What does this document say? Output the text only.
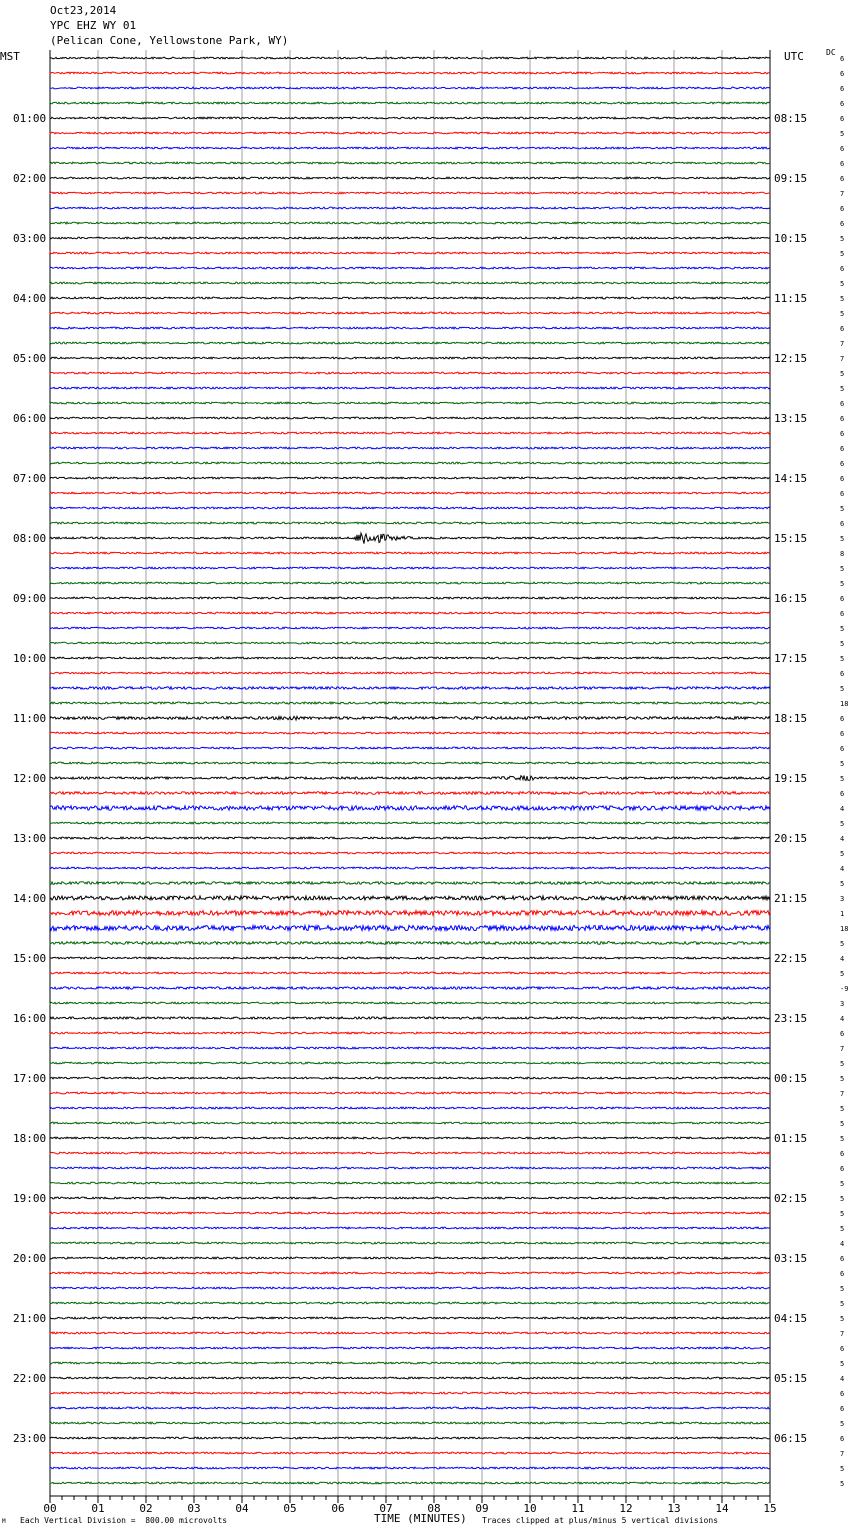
Oct23,2014
YPC EHZ WY 01
(Pelican Cone, Yellowstone Park, WY)
MST	UTC	DC
6
6
6
6
6
5
6
6
6
7
6
6
5
5
6
5
5
5
6
7
7
5
5
6
6
6
6
6
6
6
5
6
5
8
5
5
6
6
5
5
5
6
5
18
6
6
6
5
5
6
4
5
4
5
4
5
3
1
18
5
4
5
-9
3
4
6
7
5
5
7
5
5
5
6
6
5
5
5
5
4
6
6
5
5
5
7
6
5
4
6
6
5
6
7
5
5
01:00
02:00
03:00
04:00
05:00
06:00
07:00
08:00
09:00
10:00
11:00
12:00
13:00
14:00
15:00
16:00
17:00
18:00
19:00
20:00
21:00
22:00
23:00
08:15
09:15
10:15
11:15
12:15
13:15
14:15
15:15
16:15
17:15
18:15
19:15
20:15
21:15
22:15
23:15
00:15
01:15
02:15
03:15
04:15
05:15
06:15
00	01	02	03	04	05	06	07	08	09	10	11	12	13	14	15
Each Vertical Division =  800.00 microvolts	TIME (MINUTES) Traces clipped at plus/minus 5 vertical divisions
M
